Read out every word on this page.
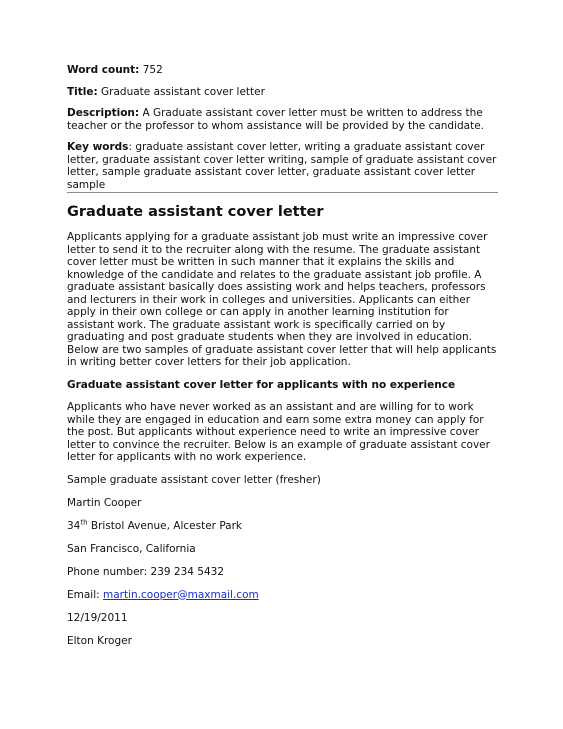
Word count: 752

Title: Graduate assistant cover letter

Description: A Graduate assistant cover letter must be written to address the teacher or the professor to whom assistance will be provided by the candidate.

Key words: graduate assistant cover letter, writing a graduate assistant cover letter, graduate assistant cover letter writing, sample of graduate assistant cover letter, sample graduate assistant cover letter, graduate assistant cover letter sample

Graduate assistant cover letter

Applicants applying for a graduate assistant job must write an impressive cover letter to send it to the recruiter along with the resume. The graduate assistant cover letter must be written in such manner that it explains the skills and knowledge of the candidate and relates to the graduate assistant job profile. A graduate assistant basically does assisting work and helps teachers, professors and lecturers in their work in colleges and universities. Applicants can either apply in their own college or can apply in another learning institution for assistant work. The graduate assistant work is specifically carried on by graduating and post graduate students when they are involved in education. Below are two samples of graduate assistant cover letter that will help applicants in writing better cover letters for their job application.

Graduate assistant cover letter for applicants with no experience

Applicants who have never worked as an assistant and are willing for to work while they are engaged in education and earn some extra money can apply for the post. But applicants without experience need to write an impressive cover letter to convince the recruiter. Below is an example of graduate assistant cover letter for applicants with no work experience.

Sample graduate assistant cover letter (fresher)

Martin Cooper

34th Bristol Avenue, Alcester Park

San Francisco, California

Phone number: 239 234 5432

Email: martin.cooper@maxmail.com

12/19/2011

Elton Kroger
